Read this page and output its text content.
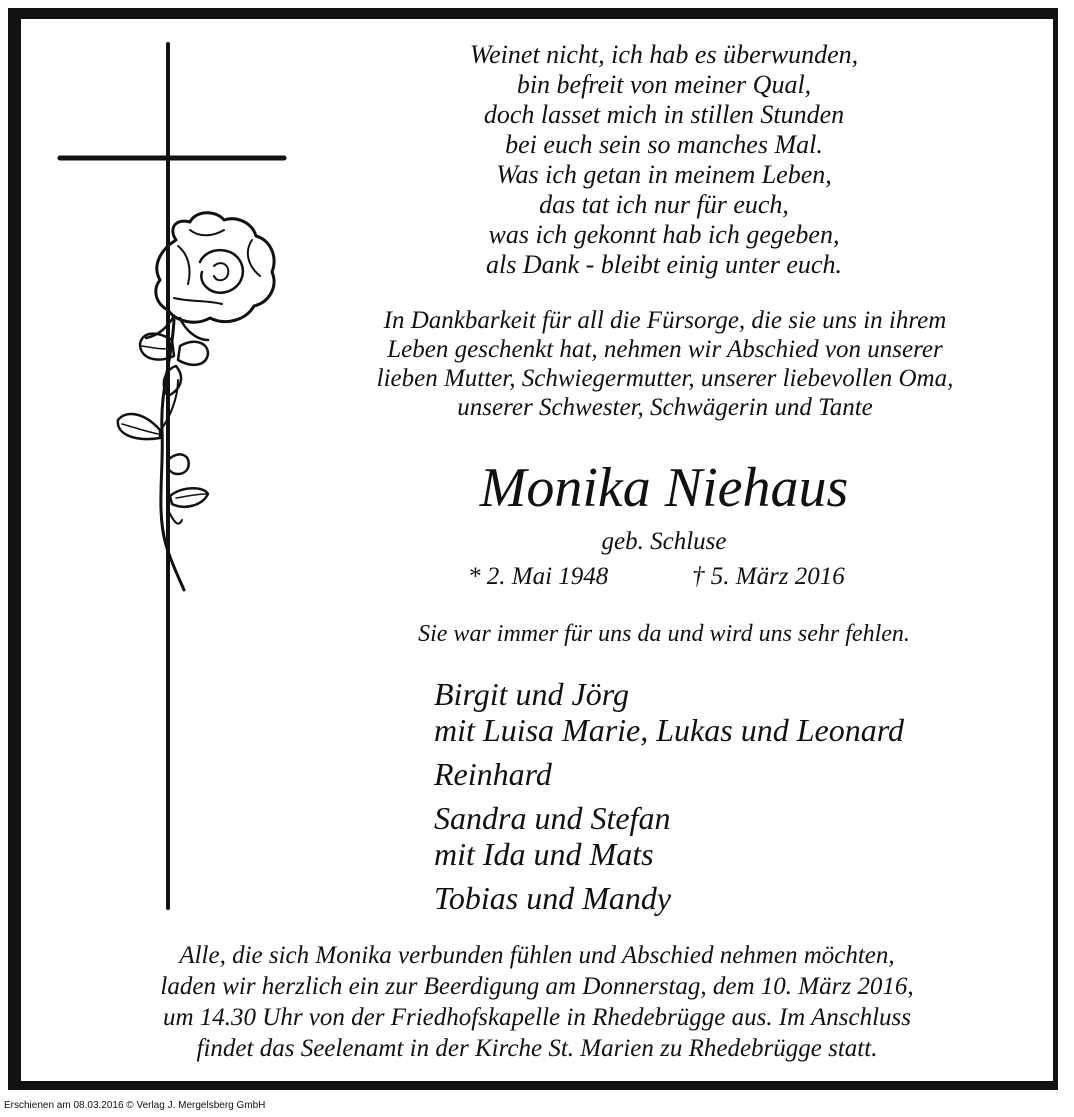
Weinet nicht, ich hab es überwunden,
bin befreit von meiner Qual,
doch lasset mich in stillen Stunden
bei euch sein so manches Mal.
Was ich getan in meinem Leben,
das tat ich nur für euch,
was ich gekonnt hab ich gegeben,
als Dank - bleibt einig unter euch.
In Dankbarkeit für all die Fürsorge, die sie uns in ihrem
Leben geschenkt hat, nehmen wir Abschied von unserer
lieben Mutter, Schwiegermutter, unserer liebevollen Oma,
unserer Schwester, Schwägerin und Tante
Monika Niehaus
geb. Schluse
* 2. Mai 1948	† 5. März 2016
Sie war immer für uns da und wird uns sehr fehlen.
Birgit und Jörg
mit Luisa Marie, Lukas und Leonard
Reinhard
Sandra und Stefan
mit Ida und Mats
Tobias und Mandy
Alle, die sich Monika verbunden fühlen und Abschied nehmen möchten,
laden wir herzlich ein zur Beerdigung am Donnerstag, dem 10. März 2016,
um 14.30 Uhr von der Friedhofskapelle in Rhedebrügge aus. Im Anschluss
findet das Seelenamt in der Kirche St. Marien zu Rhedebrügge statt.
Erschienen am 08.03.2016 © Verlag J. Mergelsberg GmbH
